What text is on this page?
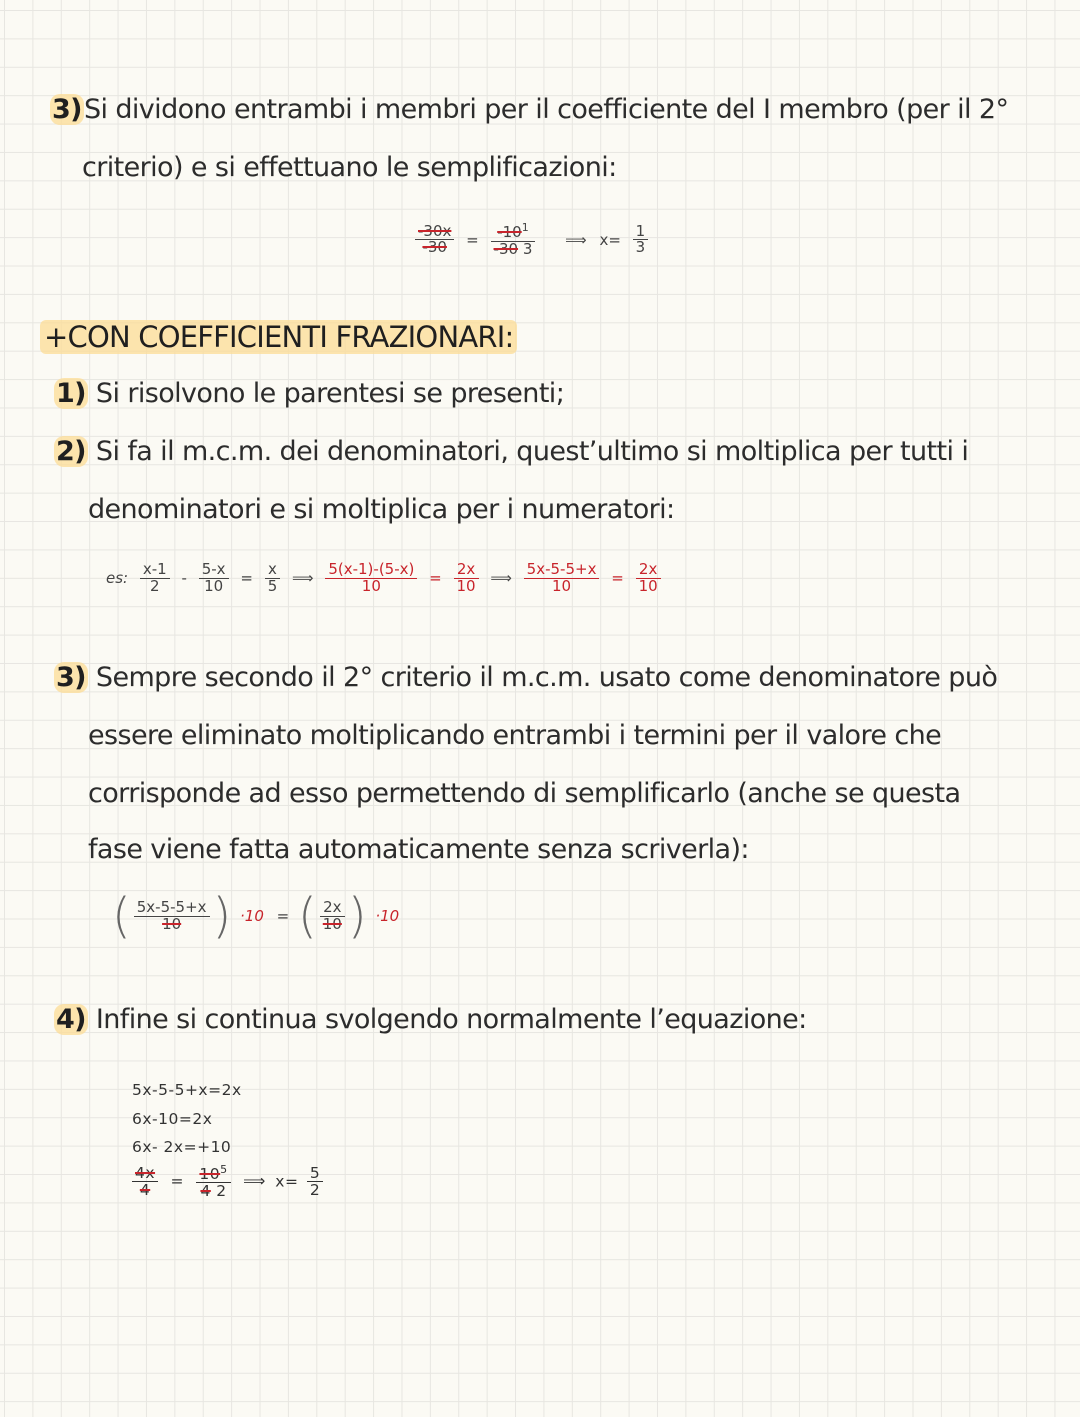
3)Si dividono entrambi i membri per il coefficiente del I membro (per il 2°
criterio) e si effettuano le semplificazioni:
$\frac{-30x}{-30} = \frac{-10^1}{-30 3}$ ⟹ $x= \frac{1}{3}$
+CON COEFFICIENTI FRAZIONARI:
1) Si risolvono le parentesi se presenti;
2) Si fa il m.c.m. dei denominatori, quest’ultimo si moltiplica per tutti i
denominatori e si moltiplica per i numeratori:
es: $\frac{x-1}{2} - \frac{5-x}{10} = \frac{x}{5}$ ⟹ $\frac{5(x-1)-(5-x)}{10} = \frac{2x}{10}$ ⟹ $\frac{5x-5-5+x}{10} = \frac{2x}{10}$
3) Sempre secondo il 2° criterio il m.c.m. usato come denominatore può
essere eliminato moltiplicando entrambi i termini per il valore che
corrisponde ad esso permettendo di semplificarlo (anche se questa
fase viene fatta automaticamente senza scriverla):
( $\frac{5x-5-5+x}{10}$ ) ·10 = ( $\frac{2x}{10}$ ) ·10
4) Infine si continua svolgendo normalmente l’equazione:
5x-5-5+x=2x
6x-10=2x
6x- 2x=+10
$\frac{4x}{4} = \frac{10^5}{4 2}$ ⟹ $x= \frac{5}{2}$
